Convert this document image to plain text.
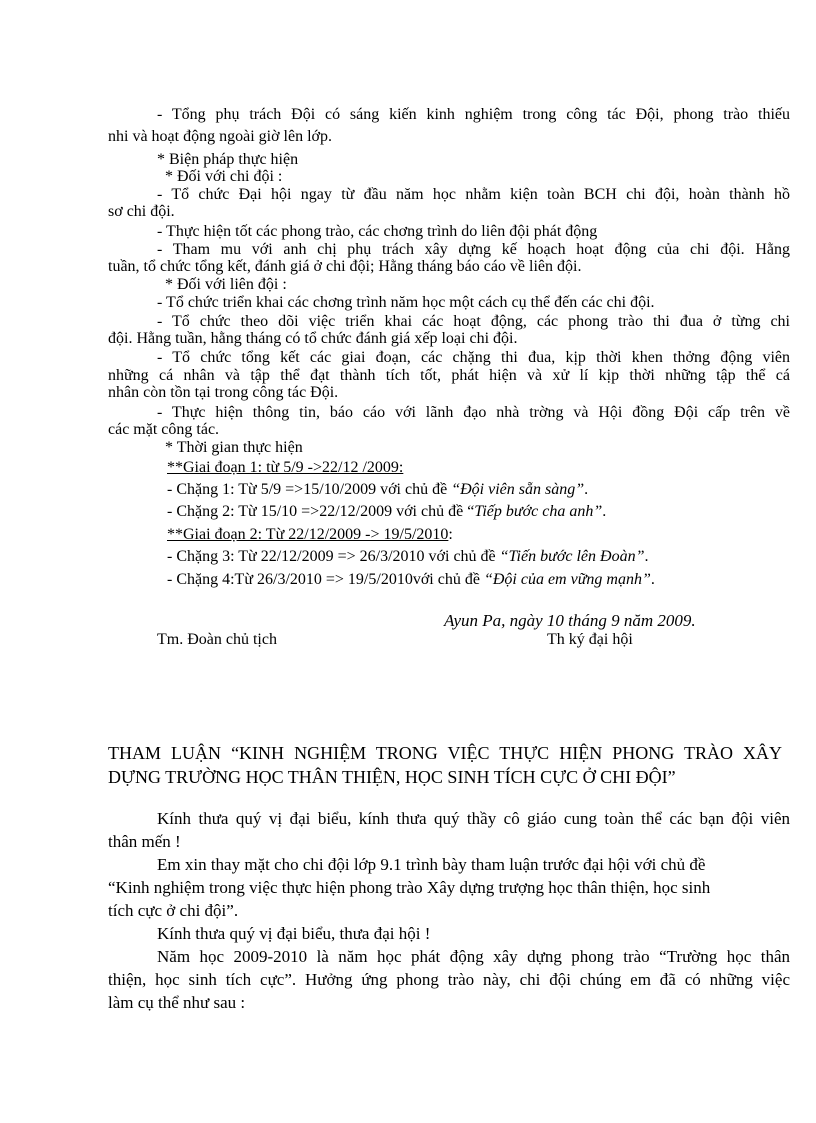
- Tổng phụ trách Đội có sáng kiến kinh nghiệm trong công tác Đội, phong trào thiếu
nhi và hoạt động ngoài giờ lên lớp.
* Biện pháp thực hiện
* Đối với chi đội :
- Tổ chức Đại hội ngay từ đầu năm học nhằm kiện toàn BCH chi đội, hoàn thành hồ
sơ chi đội.
- Thực hiện tốt các phong trào, các chơng trình do liên đội phát động
- Tham mu với anh chị phụ trách xây dựng kế hoạch hoạt động của chi đội. Hằng
tuần, tổ chức tổng kết, đánh giá ở chi đội; Hằng tháng báo cáo về liên đội.
* Đối với liên đội :
- Tổ chức triển khai các chơng trình năm học một cách cụ thể đến các chi đội.
- Tổ chức theo dõi việc triển khai các hoạt động, các phong trào thi đua ở từng chi
đội. Hằng tuần, hằng tháng có tổ chức đánh giá xếp loại chi đội.
- Tổ chức tổng kết các giai đoạn, các chặng thi đua, kịp thời khen thởng động viên
những cá nhân và tập thể đạt thành tích tốt, phát hiện và xử lí kịp thời những tập thể cá
nhân còn tồn tại trong công tác Đội.
- Thực hiện thông tin, báo cáo với lãnh đạo nhà trờng và Hội đồng Đội cấp trên về
các mặt công tác.
* Thời gian thực hiện
**Giai đoạn 1: từ 5/9 ->22/12 /2009:
- Chặng 1: Từ 5/9 =>15/10/2009 với chủ đề “Đội viên sẵn sàng”.
- Chặng 2: Từ 15/10 =>22/12/2009 với chủ đề “Tiếp bước cha anh”.
**Giai đoạn 2: Từ 22/12/2009 -> 19/5/2010:
- Chặng 3: Từ 22/12/2009 => 26/3/2010 với chủ đề “Tiến bước lên Đoàn”.
- Chặng 4:Từ 26/3/2010 => 19/5/2010với chủ đề “Đội của em vững mạnh”.
Ayun Pa, ngày 10 tháng 9 năm 2009.
Tm. Đoàn chủ tịch	Th ký đại hội
THAM LUẬN “KINH NGHIỆM TRONG VIỆC THỰC HIỆN PHONG TRÀO XÂY
DỰNG TRƯỜNG HỌC THÂN THIỆN, HỌC SINH TÍCH CỰC Ở CHI ĐỘI”
Kính thưa quý vị đại biểu, kính thưa quý thầy cô giáo cung toàn thể các bạn đội viên
thân mến !
Em xin thay mặt cho chi đội lớp 9.1 trình bày tham luận trước đại hội với chủ đề
“Kinh nghiệm trong việc thực hiện phong trào Xây dựng trượng học thân thiện, học sinh
tích cực ở chi đội”.
Kính thưa quý vị đại biểu, thưa đại hội !
Năm học 2009-2010 là năm học phát động xây dựng phong trào “Trường học thân
thiện, học sinh tích cực”. Hưởng ứng phong trào này, chi đội chúng em đã có những việc
làm cụ thể như sau :
